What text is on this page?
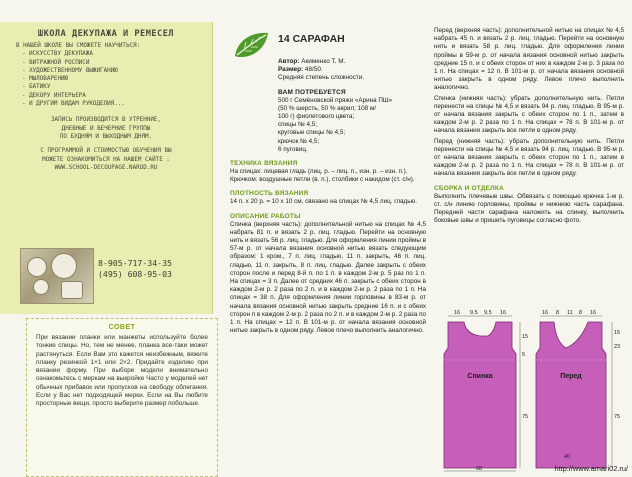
ШКОЛА ДЕКУПАЖА И РЕМЕСЕЛ
В НАШЕЙ ШКОЛЕ ВЫ СМОЖЕТЕ НАУЧИТЬСЯ:
- ИСКУССТВУ ДЕКУПАЖА
- ВИТРАЖНОЙ РОСПИСИ
- ХУДОЖЕСТВЕННОМУ ВЫЖИГАНИЮ
- МЫЛОВАРЕНИЮ
- БАТИКУ
- ДЕКОРУ ИНТЕРЬЕРА
- И ДРУГИМ ВИДАМ РУКОДЕЛИЯ...
ЗАПИСЬ ПРОИЗВОДИТСЯ В УТРЕННИЕ,
ДНЕВНЫЕ И ВЕЧЕРНИЕ ГРУППЫ
ПО БУДНЯМ И ВЫХОДНЫМ ДНЯМ.
С ПРОГРАММОЙ И СТОИМОСТЬЮ ОБУЧЕНИЯ ВЫ
МОЖЕТЕ ОЗНАКОМИТЬСЯ НА НАШЕМ САЙТЕ :
WWW.SCHOOL-DECOUPAGE.NAROD.RU
8-905-717-34-35
(495) 608-95-03
СОВЕТ
При вязании планки или манжеты используйте более тонкие спицы. Но, тем не менее, планка все-таки может растянуться. Если Вам это кажется неизбежным, вяжите планку резинкой 1×1 или 2×2. Придайте изделию при вязании форму. При выборе модели внимательно ознакомьтесь с меркам на выкройке Часто у моделей нет обычных прибавок или пропусков на свободу облегания. Если у Вас нет подходящей мерки. Если на Вы любите просторные вещи, просто выберите размер побольше.
14 САРАФАН
Автор: Акименко Т. М.
Размер: 48/50.
Средняя степень сложности.
ВАМ ПОТРЕБУЕТСЯ
500 г Семёновской пряжи «Арина ПШ»
(50 % шерсть, 50 % акрил; 108 м/
100 г) фиолетового цвета;
спицы № 4,5;
круговые спицы № 4,5;
крючок № 4,5;
6 пуговиц.
ТЕХНИКА ВЯЗАНИЯ
На спицах: лицевая гладь (лиц. р. – лиц. п., изн. р. – изн. п.).
Крючком: воздушные петли (в. п.), столбики с накидом (ст. с/н).
ПЛОТНОСТЬ ВЯЗАНИЯ
14 п. х 20 р. = 10 х 10 см, связано на спицах № 4,5 лиц. гладью.
ОПИСАНИЕ РАБОТЫ
Спинка (верхняя часть): дополнительной нитью на спицах № 4,5 набрать 81 п. и вязать 2 р. лиц. гладью. Перейти на основную нить и вязать 56 р. лиц. гладью. Для оформления линии проймы в 57-м р. от начала вязания основной нитью вязать следующим образом: 1 кром., 7 п. лиц. гладью, 11 п. закрыть, 46 п. лиц. гладью, 11 п. закрыть, 8 п. лиц. гладью. Далее закрыть с обеих сторон после и перед 8-й п. по 1 п. в каждом 2-м р. 5 раз по 1 п. На спицах = 3 п. Далее от средних 46 п. закрыть с обеих сторон в каждом 2-м р. 2 раза по 2 п. и в каждом 2-м р. 2 раза по 1 п. На спицах = 38 п. Для оформления линии горловины в 83-м р. от начала вязания основной нитью закрыть средние 16 п. и с обеих сторон п в каждом 2-м р. 2 раза по 2 п. и в каждом 2-м р. 2 раза по 1 п. На спицах = 12 п. В 101-м р. от начала вязания основной нитью закрыть в одном ряду. Левое плечо выполнить аналогично.
Перед (верхняя часть): дополнительной нитью на спицах № 4,5 набрать 45 п. и вязать 2 р. лиц. гладью. Перейти на основную нить и вязать 58 р. лиц. гладью. Для оформления линии проймы в 59-м р. от начала вязания основной нитью закрыть средние 15 п. и с обеих сторон от них в каждом 2-м р. 3 раза по 1 п. На спицах = 12 п. В 101-м р. от начала вязания основной нитью закрыть в одном ряду. Левое плечо выполнить аналогично.
Спинка (нижняя часть): убрать дополнительную нить. Петли перенести на спицы № 4,5 и вязать 94 р. лиц. гладью. В 95-м р. от начала вязания закрыть с обеих сторон по 1 п., затем в каждом 2-м р. 2 раза по 1 п. На спицах = 78 п. В 101-м р. от начала вязания закрыть все петли в одном ряду.
Перед (нижняя часть): убрать дополнительную нить. Петли перенести на спицы № 4,5 и вязать 94 р. лиц. гладью. В 95-м р. от начала вязания закрыть с обеих сторон по 1 п., затем в каждом 2-м р. 2 раза по 1 п. На спицах = 78 п. В 101-м р. от начала вязания закрыть все петли в одном ряду.
СБОРКА И ОТДЕЛКА
Выполнить плечевые швы. Обвязать с помощью крючка 1-м р. ст. с/н линию горловины, проймы и нижнюю часть сарафана. Передней части сарафана наложить на спинку, выполнить боковые швы и пришить пуговицы согласно фото.
Спинка	Перед
16 9.5 9.5 16
15
5
75
68
16 8 11 8 16
15
23
75
40
http://www.amari02.ru/
